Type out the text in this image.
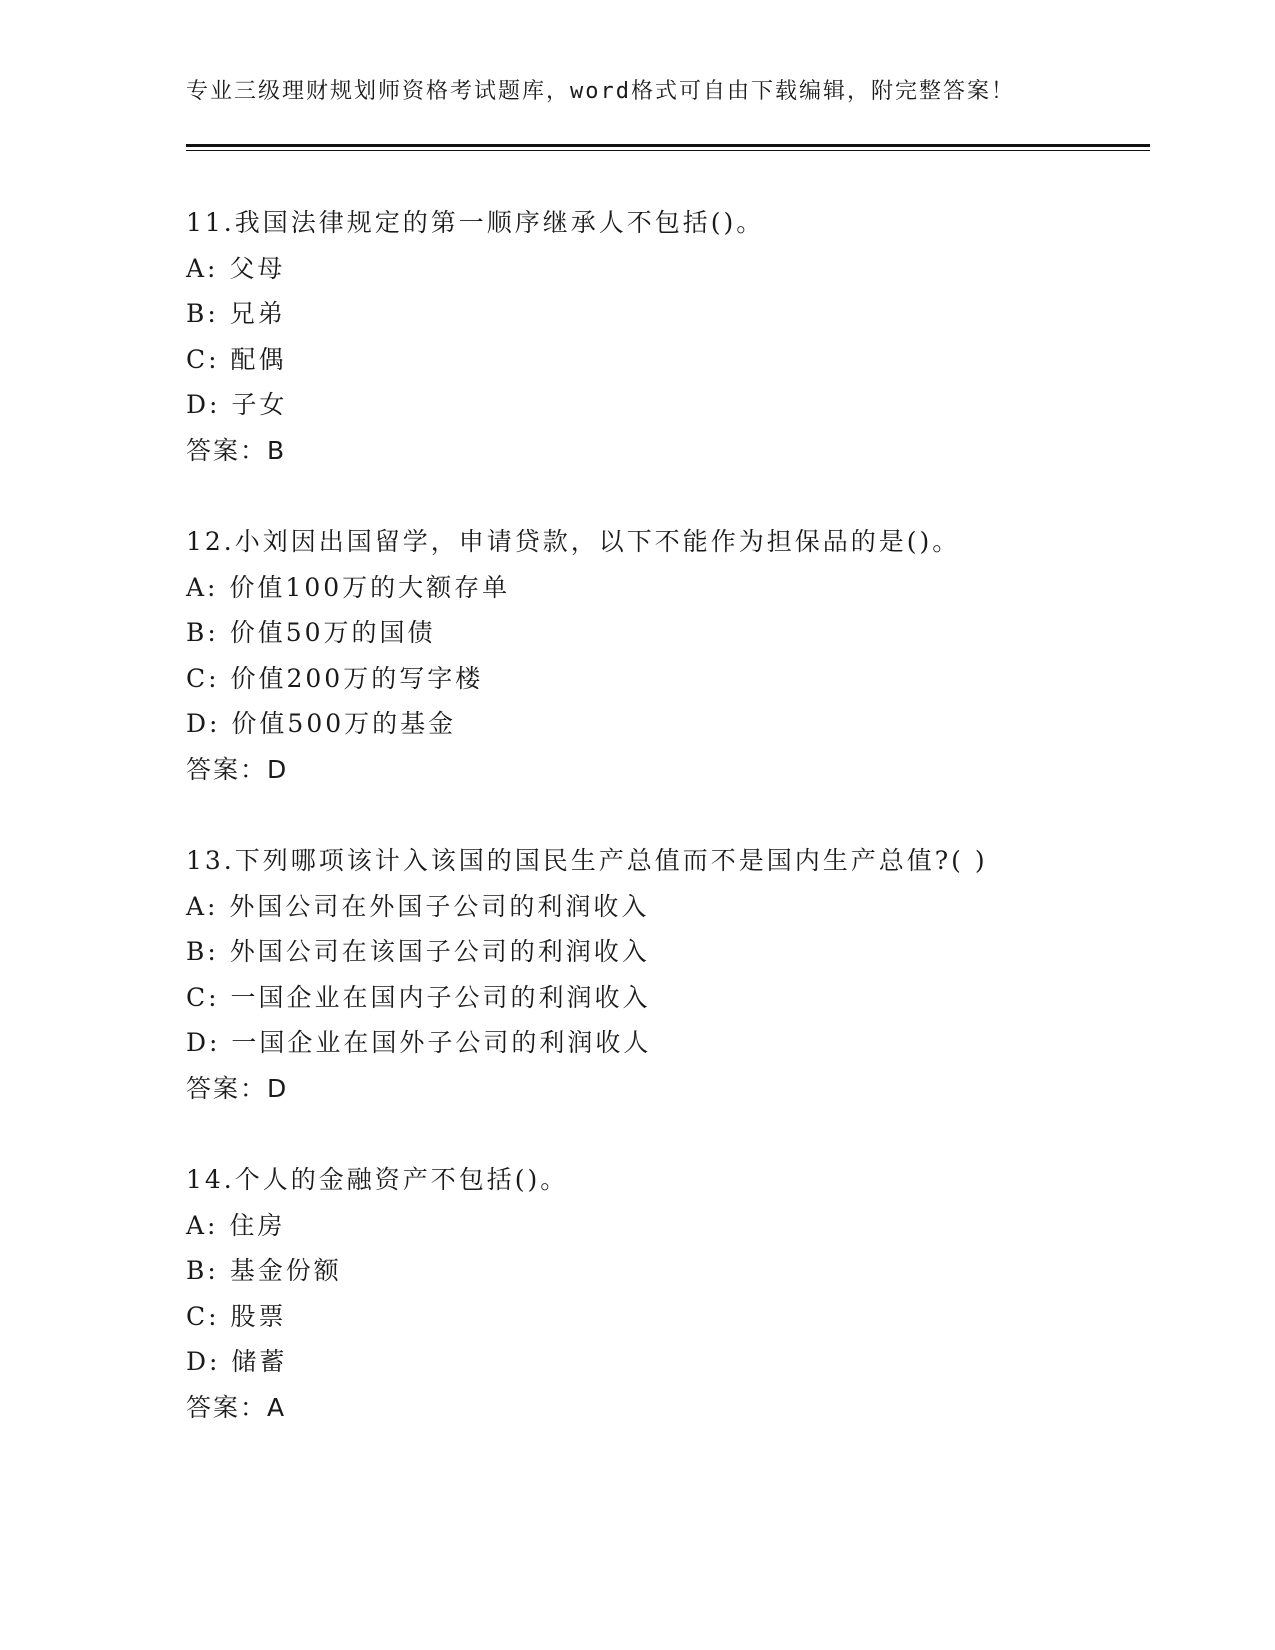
专业三级理财规划师资格考试题库，word格式可自由下载编辑，附完整答案！
11.我国法律规定的第一顺序继承人不包括()。
A: 父母
B: 兄弟
C: 配偶
D: 子女
答案：B
12.小刘因出国留学，申请贷款，以下不能作为担保品的是()。
A: 价值100万的大额存单
B: 价值50万的国债
C: 价值200万的写字楼
D: 价值500万的基金
答案：D
13.下列哪项该计入该国的国民生产总值而不是国内生产总值?( )
A: 外国公司在外国子公司的利润收入
B: 外国公司在该国子公司的利润收入
C: 一国企业在国内子公司的利润收入
D: 一国企业在国外子公司的利润收人
答案：D
14.个人的金融资产不包括()。
A: 住房
B: 基金份额
C: 股票
D: 储蓄
答案：A
